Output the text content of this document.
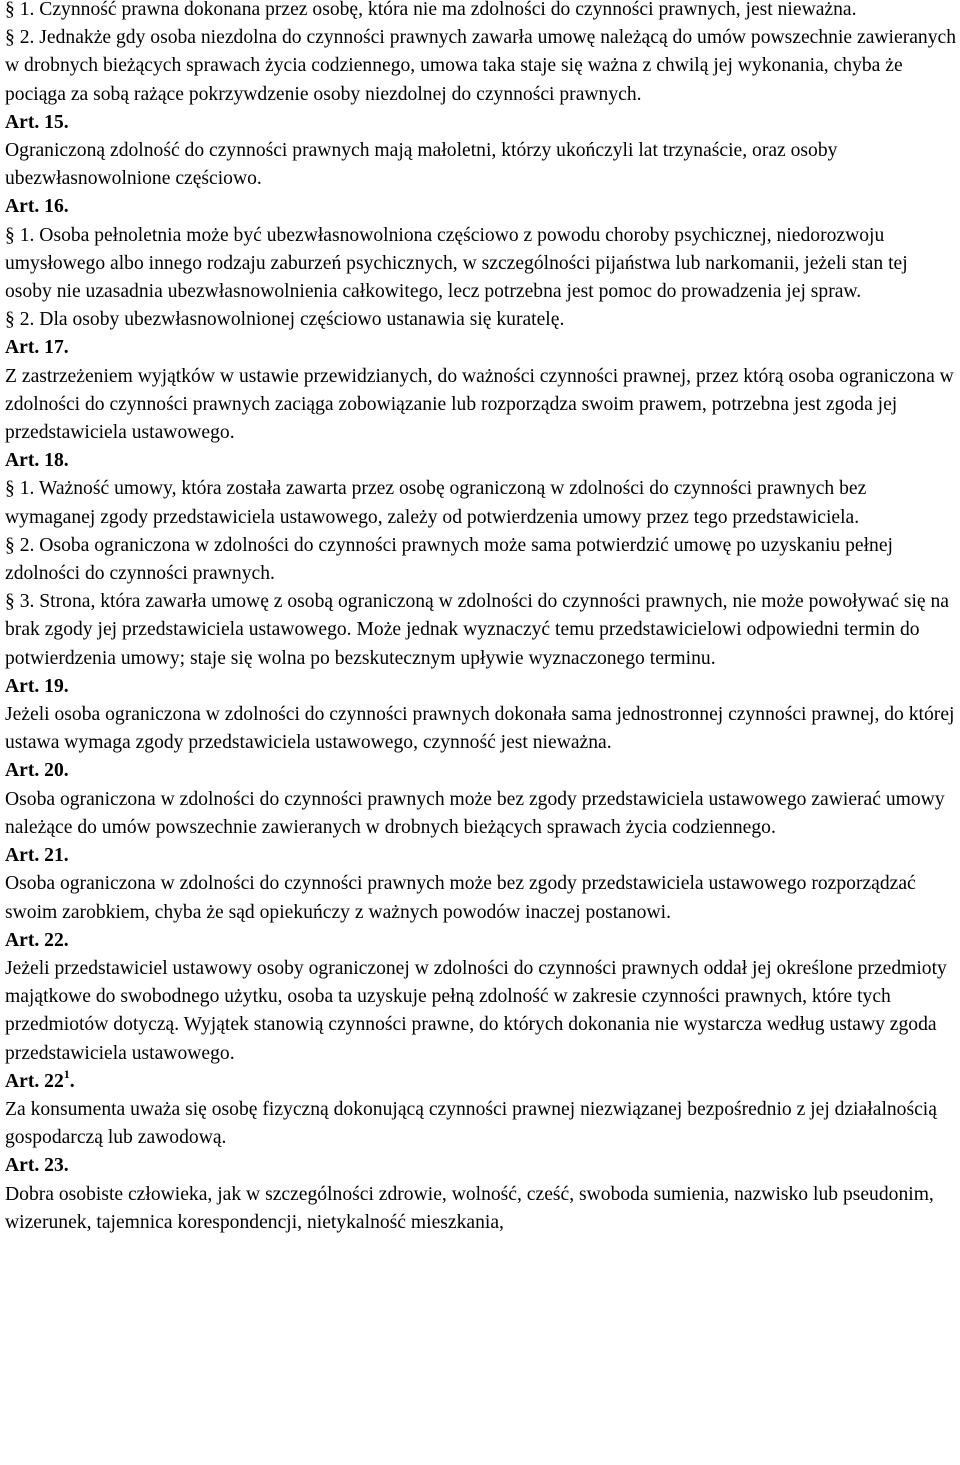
§ 1. Czynność prawna dokonana przez osobę, która nie ma zdolności do czynności prawnych, jest nieważna.

§ 2. Jednakże gdy osoba niezdolna do czynności prawnych zawarła umowę należącą do umów powszechnie zawieranych w drobnych bieżących sprawach życia codziennego, umowa taka staje się ważna z chwilą jej wykonania, chyba że pociąga za sobą rażące pokrzywdzenie osoby niezdolnej do czynności prawnych.

Art. 15.

Ograniczoną zdolność do czynności prawnych mają małoletni, którzy ukończyli lat trzynaście, oraz osoby ubezwłasnowolnione częściowo.

Art. 16.

§ 1. Osoba pełnoletnia może być ubezwłasnowolniona częściowo z powodu choroby psychicznej, niedorozwoju umysłowego albo innego rodzaju zaburzeń psychicznych, w szczególności pijaństwa lub narkomanii, jeżeli stan tej osoby nie uzasadnia ubezwłasnowolnienia całkowitego, lecz potrzebna jest pomoc do prowadzenia jej spraw.

§ 2. Dla osoby ubezwłasnowolnionej częściowo ustanawia się kuratelę.

Art. 17.

Z zastrzeżeniem wyjątków w ustawie przewidzianych, do ważności czynności prawnej, przez którą osoba ograniczona w zdolności do czynności prawnych zaciąga zobowiązanie lub rozporządza swoim prawem, potrzebna jest zgoda jej przedstawiciela ustawowego.

Art. 18.

§ 1. Ważność umowy, która została zawarta przez osobę ograniczoną w zdolności do czynności prawnych bez wymaganej zgody przedstawiciela ustawowego, zależy od potwierdzenia umowy przez tego przedstawiciela.

§ 2. Osoba ograniczona w zdolności do czynności prawnych może sama potwierdzić umowę po uzyskaniu pełnej zdolności do czynności prawnych.

§ 3. Strona, która zawarła umowę z osobą ograniczoną w zdolności do czynności prawnych, nie może powoływać się na brak zgody jej przedstawiciela ustawowego. Może jednak wyznaczyć temu przedstawicielowi odpowiedni termin do potwierdzenia umowy; staje się wolna po bezskutecznym upływie wyznaczonego terminu.

Art. 19.

Jeżeli osoba ograniczona w zdolności do czynności prawnych dokonała sama jednostronnej czynności prawnej, do której ustawa wymaga zgody przedstawiciela ustawowego, czynność jest nieważna.

Art. 20.

Osoba ograniczona w zdolności do czynności prawnych może bez zgody przedstawiciela ustawowego zawierać umowy należące do umów powszechnie zawieranych w drobnych bieżących sprawach życia codziennego.

Art. 21.

Osoba ograniczona w zdolności do czynności prawnych może bez zgody przedstawiciela ustawowego rozporządzać swoim zarobkiem, chyba że sąd opiekuńczy z ważnych powodów inaczej postanowi.

Art. 22.

Jeżeli przedstawiciel ustawowy osoby ograniczonej w zdolności do czynności prawnych oddał jej określone przedmioty majątkowe do swobodnego użytku, osoba ta uzyskuje pełną zdolność w zakresie czynności prawnych, które tych przedmiotów dotyczą. Wyjątek stanowią czynności prawne, do których dokonania nie wystarcza według ustawy zgoda przedstawiciela ustawowego.

Art. $22^1$.

Za konsumenta uważa się osobę fizyczną dokonującą czynności prawnej niezwiązanej bezpośrednio z jej działalnością gospodarczą lub zawodową.

Art. 23.

Dobra osobiste człowieka, jak w szczególności zdrowie, wolność, cześć, swoboda sumienia, nazwisko lub pseudonim, wizerunek, tajemnica korespondencji, nietykalność mieszkania,
